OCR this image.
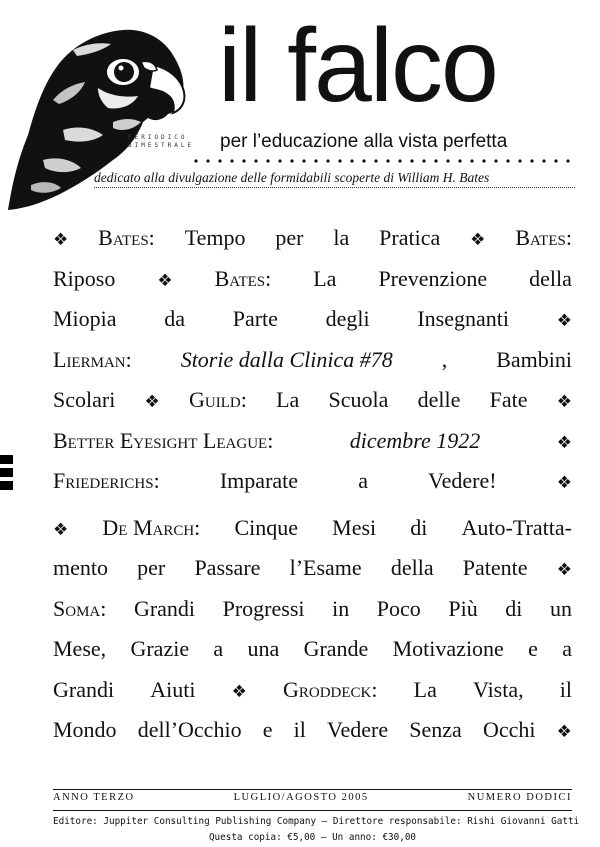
PERIODICO
BIMESTRALE
il falco
per l’educazione alla vista perfetta
dedicato alla divulgazione delle formidabili scoperte di William H. Bates
❖ Bates: Tempo per la Pratica ❖ Bates:
Riposo ❖ Bates: La Prevenzione della
Miopia da Parte degli Insegnanti	❖
Lierman: Storie dalla Clinica #78 , Bambini
Scolari ❖ Guild: La Scuola delle Fate ❖
Better Eyesight League:	dicembre 1922	❖
Friederichs:	Imparate	a	Vedere!	❖
❖ De March: Cinque Mesi di Auto-Tratta-
mento per Passare l’Esame della Patente ❖
Soma: Grandi Progressi in Poco Più di un
Mese, Grazie a una Grande Motivazione e a
Grandi Aiuti ❖ Groddeck: La Vista, il
Mondo dell’Occhio e il Vedere Senza Occhi ❖
ANNO TERZO	LUGLIO/AGOSTO 2005	NUMERO DODICI
Editore: Juppiter Consulting Publishing Company — Direttore responsabile: Rishi Giovanni Gatti
Questa copia: €5,00 — Un anno: €30,00
